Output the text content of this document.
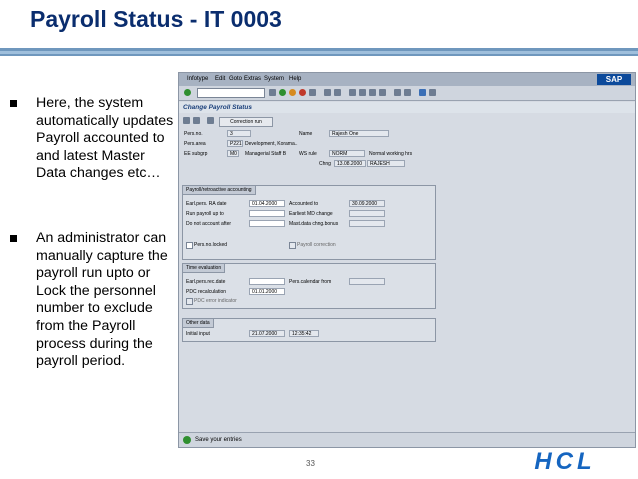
Payroll Status - IT 0003
Here, the system automatically updates Payroll accounted to and latest Master Data changes etc…
An administrator can manually capture the payroll run upto or Lock the personnel number to exclude from the Payroll process during the payroll period.
Infotype Edit Goto Extras System Help	SAP
Change Payroll Status
Correction run
Pers.no.	3	Name	Rajesh One
Pers.area	P221 Development, Korama..
EE subgrp	M0	Managerial Staff B	WS rule	NORM	Normal working hrs
Chng	13.08.2000	RAJESH
Payroll/retroactive accounting
Earl.pers. RA date	01.04.2000	Accounted to	30.09.2000
Run payroll up to	Earliest MD change
Do not account after	Mast.data chng.bonus
Pers.no.locked	Payroll correction
Time evaluation
Earl.pers.rec.date	Pers.calendar from
PDC recalculation	01.01.2000
PDC error indicator
Other data
Initial input	21.07.2000	12:35:42
Save your entries
33	HCL
